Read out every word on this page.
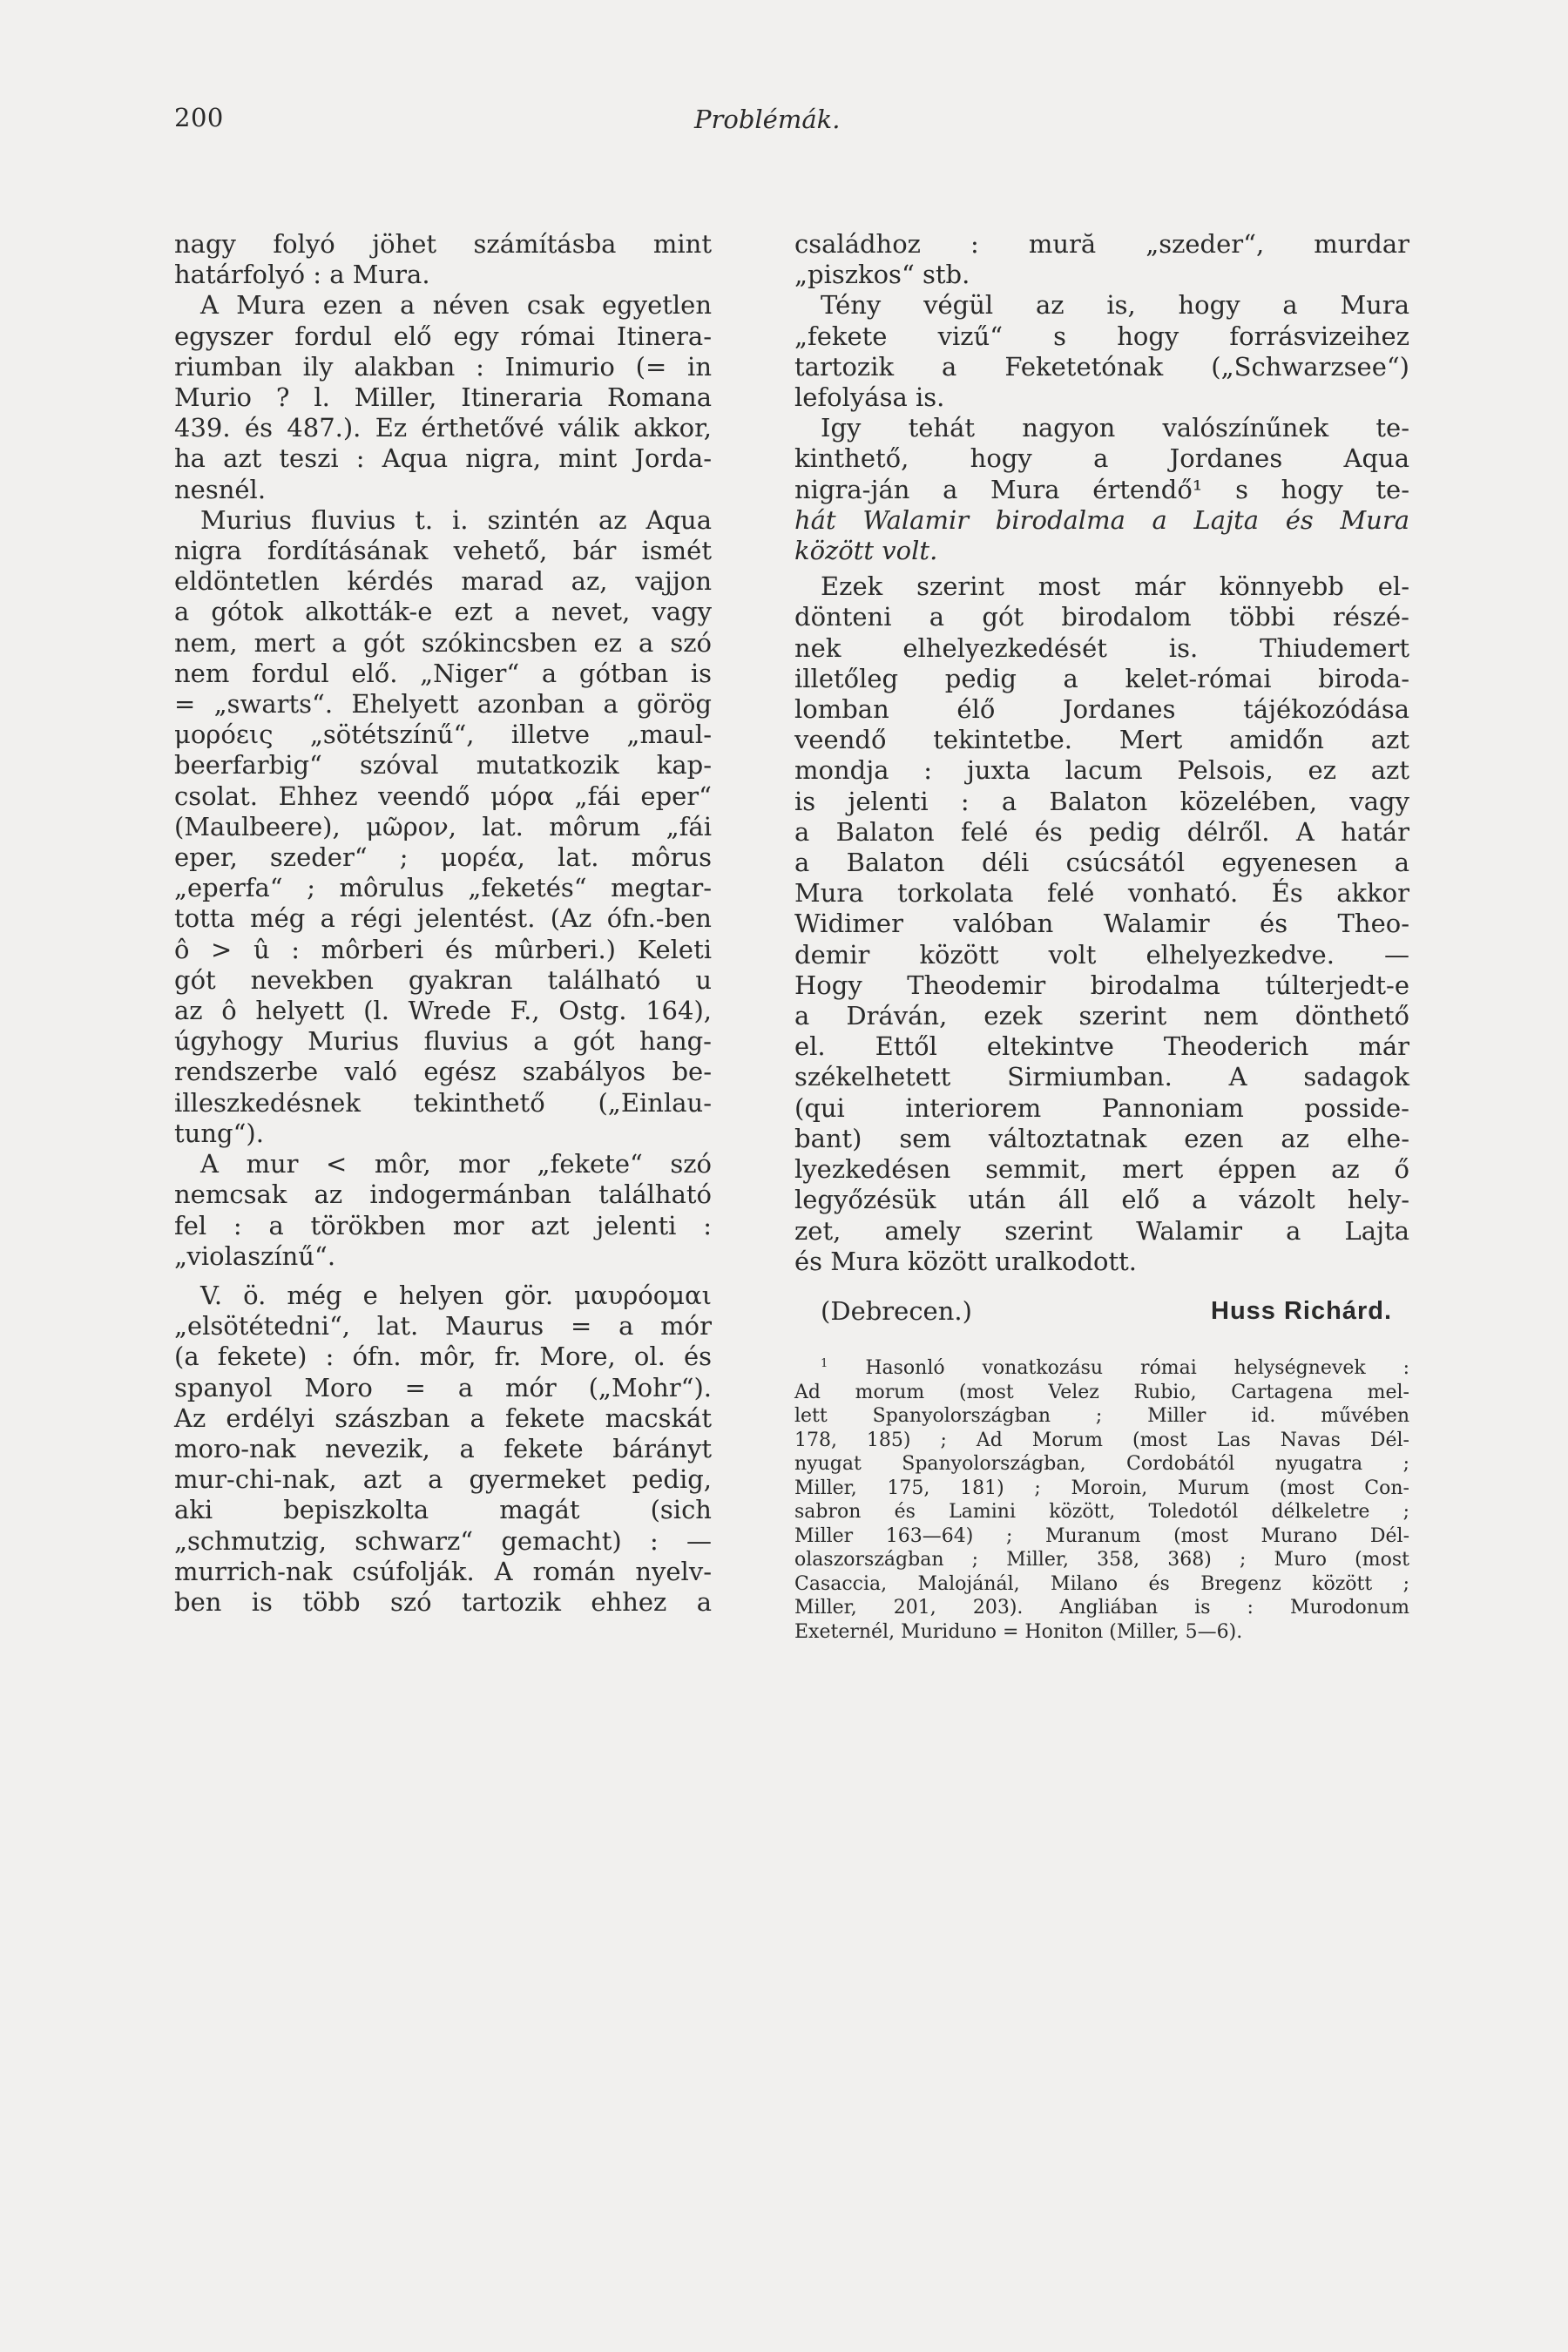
200	Problémák.
nagy folyó jöhet számításba mint
határfolyó : a Mura.
A Mura ezen a néven csak egyetlen
egyszer fordul elő egy római Itinera-
riumban ily alakban : Inimurio (= in
Murio ? l. Miller, Itineraria Romana
439. és 487.). Ez érthetővé válik akkor,
ha azt teszi : Aqua nigra, mint Jorda-
nesnél.
Murius fluvius t. i. szintén az Aqua
nigra fordításának vehető, bár ismét
eldöntetlen kérdés marad az, vajjon
a gótok alkották-e ezt a nevet, vagy
nem, mert a gót szókincsben ez a szó
nem fordul elő. „Niger“ a gótban is
= „swarts“. Ehelyett azonban a görög
μορόεις „sötétszínű“, illetve „maul-
beerfarbig“ szóval mutatkozik kap-
csolat. Ehhez veendő μόρα „fái eper“
(Maulbeere), μῶρον, lat. môrum „fái
eper, szeder“ ; μορέα, lat. môrus
„eperfa“ ; môrulus „feketés“ megtar-
totta még a régi jelentést. (Az ófn.-ben
ô > û : môrberi és mûrberi.) Keleti
gót nevekben gyakran található u
az ô helyett (l. Wrede F., Ostg. 164),
úgyhogy Murius fluvius a gót hang-
rendszerbe való egész szabályos be-
illeszkedésnek tekinthető („Einlau-
tung“).
A mur < môr, mor „fekete“ szó
nemcsak az indogermánban található
fel : a törökben mor azt jelenti :
„violaszínű“.
V. ö. még e helyen gör. μαυρόομαι
„elsötétedni“, lat. Maurus = a mór
(a fekete) : ófn. môr, fr. More, ol. és
spanyol Moro = a mór („Mohr“).
Az erdélyi szászban a fekete macskát
moro-nak nevezik, a fekete bárányt
mur-chi-nak, azt a gyermeket pedig,
aki bepiszkolta magát (sich
„schmutzig, schwarz“ gemacht) : —
murrich-nak csúfolják. A román nyelv-
ben is több szó tartozik ehhez a
családhoz : mură „szeder“, murdar
„piszkos“ stb.
Tény végül az is, hogy a Mura
„fekete vizű“ s hogy forrásvizeihez
tartozik a Feketetónak („Schwarzsee“)
lefolyása is.
Igy tehát nagyon valószínűnek te-
kinthető, hogy a Jordanes Aqua
nigra-ján a Mura értendő¹ s hogy te-
hát Walamir birodalma a Lajta és Mura
között volt.
Ezek szerint most már könnyebb el-
dönteni a gót birodalom többi részé-
nek elhelyezkedését is. Thiudemert
illetőleg pedig a kelet-római biroda-
lomban élő Jordanes tájékozódása
veendő tekintetbe. Mert amidőn azt
mondja : juxta lacum Pelsois, ez azt
is jelenti : a Balaton közelében, vagy
a Balaton felé és pedig délről. A határ
a Balaton déli csúcsától egyenesen a
Mura torkolata felé vonható. És akkor
Widimer valóban Walamir és Theo-
demir között volt elhelyezkedve. —
Hogy Theodemir birodalma túlterjedt-e
a Dráván, ezek szerint nem dönthető
el. Ettől eltekintve Theoderich már
székelhetett Sirmiumban. A sadagok
(qui interiorem Pannoniam posside-
bant) sem változtatnak ezen az elhe-
lyezkedésen semmit, mert éppen az ő
legyőzésük után áll elő a vázolt hely-
zet, amely szerint Walamir a Lajta
és Mura között uralkodott.
(Debrecen.)	Huss Richárd.
$^1$ Hasonló vonatkozásu római helységnevek :
Ad morum (most Velez Rubio, Cartagena mel-
lett Spanyolországban ; Miller id. művében
178, 185) ; Ad Morum (most Las Navas Dél-
nyugat Spanyolországban, Cordobától nyugatra ;
Miller, 175, 181) ; Moroin, Murum (most Con-
sabron és Lamini között, Toledotól délkeletre ;
Miller 163—64) ; Muranum (most Murano Dél-
olaszországban ; Miller, 358, 368) ; Muro (most
Casaccia, Malojánál, Milano és Bregenz között ;
Miller, 201, 203). Angliában is : Murodonum
Exeternél, Muriduno = Honiton (Miller, 5—6).
